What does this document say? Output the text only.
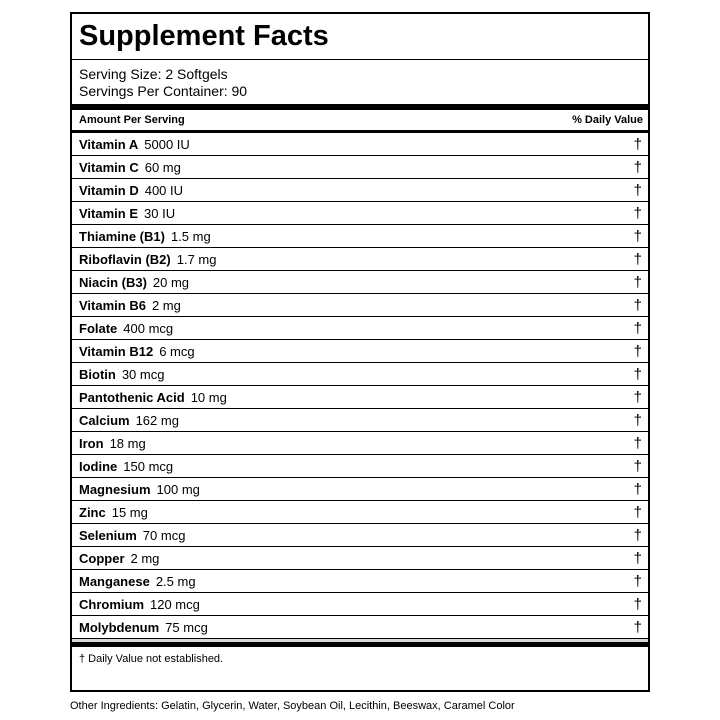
Supplement Facts
Serving Size: 2 Softgels
Servings Per Container: 90
Amount Per Serving	% Daily Value
Vitamin A 5000 IU	†
Vitamin C 60 mg	†
Vitamin D 400 IU	†
Vitamin E 30 IU	†
Thiamine (B1) 1.5 mg	†
Riboflavin (B2) 1.7 mg	†
Niacin (B3) 20 mg	†
Vitamin B6 2 mg	†
Folate 400 mcg	†
Vitamin B12 6 mcg	†
Biotin 30 mcg	†
Pantothenic Acid 10 mg	†
Calcium 162 mg	†
Iron 18 mg	†
Iodine 150 mcg	†
Magnesium 100 mg	†
Zinc 15 mg	†
Selenium 70 mcg	†
Copper 2 mg	†
Manganese 2.5 mg	†
Chromium 120 mcg	†
Molybdenum 75 mcg	†
† Daily Value not established.
Other Ingredients: Gelatin, Glycerin, Water, Soybean Oil, Lecithin, Beeswax, Caramel Color
